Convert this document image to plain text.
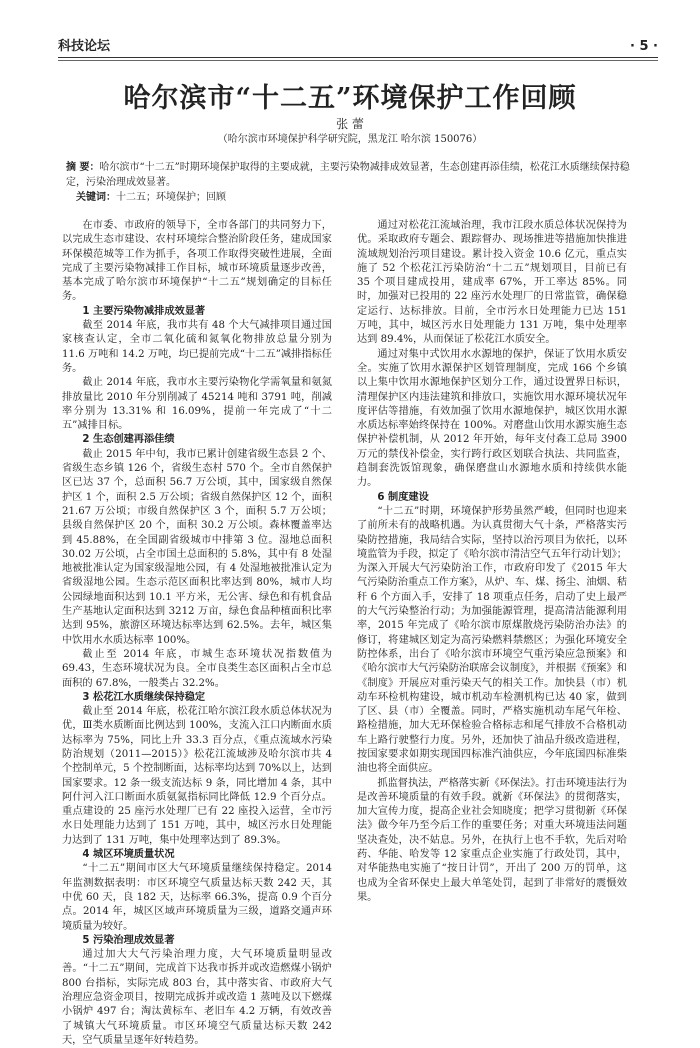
科技论坛	· 5 ·
哈尔滨市“十二五”环境保护工作回顾
张 蕾
（哈尔滨市环境保护科学研究院，黑龙江 哈尔滨 150076）
摘 要：哈尔滨市“十二五”时期环境保护取得的主要成就，主要污染物减排成效显著，生态创建再添佳绩，松花江水质继续保持稳定，污染治理成效显著。
关键词：十二五；环境保护；回顾

在市委、市政府的领导下，全市各部门的共同努力下，以完成生态市建设、农村环境综合整治阶段任务，建成国家环保模范城等工作为抓手，各项工作取得突破性进展，全面完成了主要污染物减排工作目标，城市环境质量逐步改善，基本完成了哈尔滨市环境保护“十二五”规划确定的目标任务。

1 主要污染物减排成效显著

截至 2014 年底，我市共有 48 个大气减排项目通过国家核查认定，全市二氧化硫和氮氧化物排放总量分别为 11.6 万吨和 14.2 万吨，均已提前完成“十二五”减排指标任务。

截止 2014 年底，我市水主要污染物化学需氧量和氨氮排放量比 2010 年分别削减了 45214 吨和 3791 吨，削减率分别为 13.31% 和 16.09%，提前一年完成了“十二五”减排目标。

2 生态创建再添佳绩

截止 2015 年中旬，我市已累计创建省级生态县 2 个、省级生态乡镇 126 个，省级生态村 570 个。全市自然保护区已达 37 个，总面积 56.7 万公顷，其中，国家级自然保护区 1 个，面积 2.5 万公顷；省级自然保护区 12 个，面积 21.67 万公顷；市级自然保护区 3 个，面积 5.7 万公顷；县级自然保护区 20 个，面积 30.2 万公顷。森林覆盖率达到 45.88%，在全国副省级城市中排第 3 位。湿地总面积 30.02 万公顷，占全市国土总面积的 5.8%，其中有 8 处湿地被批准认定为国家级湿地公园，有 4 处湿地被批准认定为省级湿地公园。生态示范区面积比率达到 80%，城市人均公园绿地面积达到 10.1 平方米，无公害、绿色和有机食品生产基地认定面积达到 3212 万亩，绿色食品种植面积比率达到 95%，旅游区环境达标率达到 62.5%。去年，城区集中饮用水水质达标率 100%。

截止至 2014 年底，市城生态环境状况指数值为 69.43，生态环境状况为良。全市良类生态区面积占全市总面积的 67.8%，一般类占 32.2%。

3 松花江水质继续保持稳定

截止至 2014 年底，松花江哈尔滨江段水质总体状况为优，Ⅲ类水质断面比例达到 100%，支流入江口内断面水质达标率为 75%，同比上升 33.3 百分点，《重点流域水污染防治规划（2011—2015）》松花江流域涉及哈尔滨市共 4 个控制单元，5 个控制断面，达标率均达到 70%以上，达到国家要求。12 条一级支流达标 9 条，同比增加 4 条，其中阿什河入江口断面水质氨氮指标同比降低 12.9 个百分点。重点建设的 25 座污水处理厂已有 22 座投入运营，全市污水日处理能力达到了 151 万吨，其中，城区污水日处理能力达到了 131 万吨，集中处理率达到了 89.3%。

4 城区环境质量状况

“十二五”期间市区大气环境质量继续保持稳定。2014 年监测数据表明：市区环境空气质量达标天数 242 天，其中优 60 天，良 182 天，达标率 66.3%，提高 0.9 个百分点。2014 年，城区区域声环境质量为三级，道路交通声环境质量为较好。

5 污染治理成效显著

通过加大大气污染治理力度，大气环境质量明显改善。“十二五”期间，完成首下达我市拆并或改造燃煤小锅炉 800 台指标，实际完成 803 台，其中落实省、市政府大气治理应急资金项目，按期完成拆并或改造 1 蒸吨及以下燃煤小锅炉 497 台；淘汰黄标车、老旧车 4.2 万辆，有效改善了城镇大气环境质量。市区环境空气质量达标天数 242 天，空气质量呈逐年好转趋势。

通过对松花江流域治理，我市江段水质总体状况保持为优。采取政府专题会、跟踪督办、现场推进等措施加快推进流域规划治污项目建设。累计投入资金 10.6 亿元，重点实施了 52 个松花江污染防治“十二五”规划项目，目前已有 35 个项目建成投用，建成率 67%，开工率达 85%。同时，加强对已投用的 22 座污水处理厂的日常监管，确保稳定运行、达标排放。目前，全市污水日处理能力已达 151 万吨，其中，城区污水日处理能力 131 万吨，集中处理率达到 89.4%，从而保证了松花江水质安全。

通过对集中式饮用水水源地的保护，保证了饮用水质安全。实施了饮用水源保护区划管理制度，完成 166 个乡镇以上集中饮用水源地保护区划分工作，通过设置界日标识，清理保护区内违法建筑和排放口，实施饮用水源环境状况年度评估等措施，有效加强了饮用水源地保护，城区饮用水源水质达标率始终保持在 100%。对磨盘山饮用水源实施生态保护补偿机制，从 2012 年开始，每年支付森工总局 3900 万元的禁伐补偿金，实行跨行政区划联合执法、共同监查，趋制套洗饭馆现象，确保磨盘山水源地水质和持续供水能力。

6 制度建设

“十二五”时期，环境保护形势虽然严峻，但同时也迎来了前所未有的战略机遇。为认真贯彻大气十条，严格落实污染防控措施，我局结合实际，坚持以治污项目为依托，以环境监管为手段，拟定了《哈尔滨市清洁空气五年行动计划》；为深入开展大气污染防治工作，市政府印发了《2015 年大气污染防治重点工作方案》，从炉、车、煤、扬尘、油烟、秸秆 6 个方面入手，安排了 18 项重点任务，启动了史上最严的大气污染整治行动；为加强能源管理，提高清洁能源利用率，2015 年完成了《哈尔滨市原煤散烧污染防治办法》的修订，将建城区划定为高污染燃料禁燃区；为强化环境安全防控体系，出台了《哈尔滨市环境空气重污染应急预案》和《哈尔滨市大气污染防治联席会议制度》，并根据《预案》和《制度》开展应对重污染天气的相关工作。加快县（市）机动车环检机构建设，城市机动车检测机构已达 40 家，做到了区、县（市）全覆盖。同时，严格实施机动车尾气年检、路检措施，加大无环保检验合格标志和尾气排放不合格机动车上路行驶整行力度。另外，还加快了油品升级改造进程，按国家要求如期实现国四标准汽油供应，今年底国四标准柴油也将全面供应。

抓监督执法，严格落实新《环保法》。打击环境违法行为是改善环境质量的有效手段。就新《环保法》的贯彻落实，加大宣传力度，提高企业社会知晓度；把学习贯彻新《环保法》做今年乃至今后工作的重要任务；对重大环境违法问题坚决查处，决不姑息。另外，在执行上也不手软，先后对哈药、华能、哈发等 12 家重点企业实施了行政处罚，其中，对华能热电实施了“按日计罚”，开出了 200 万的罚单，这也成为全省环保史上最大单笔处罚，起到了非常好的震慑效果。
